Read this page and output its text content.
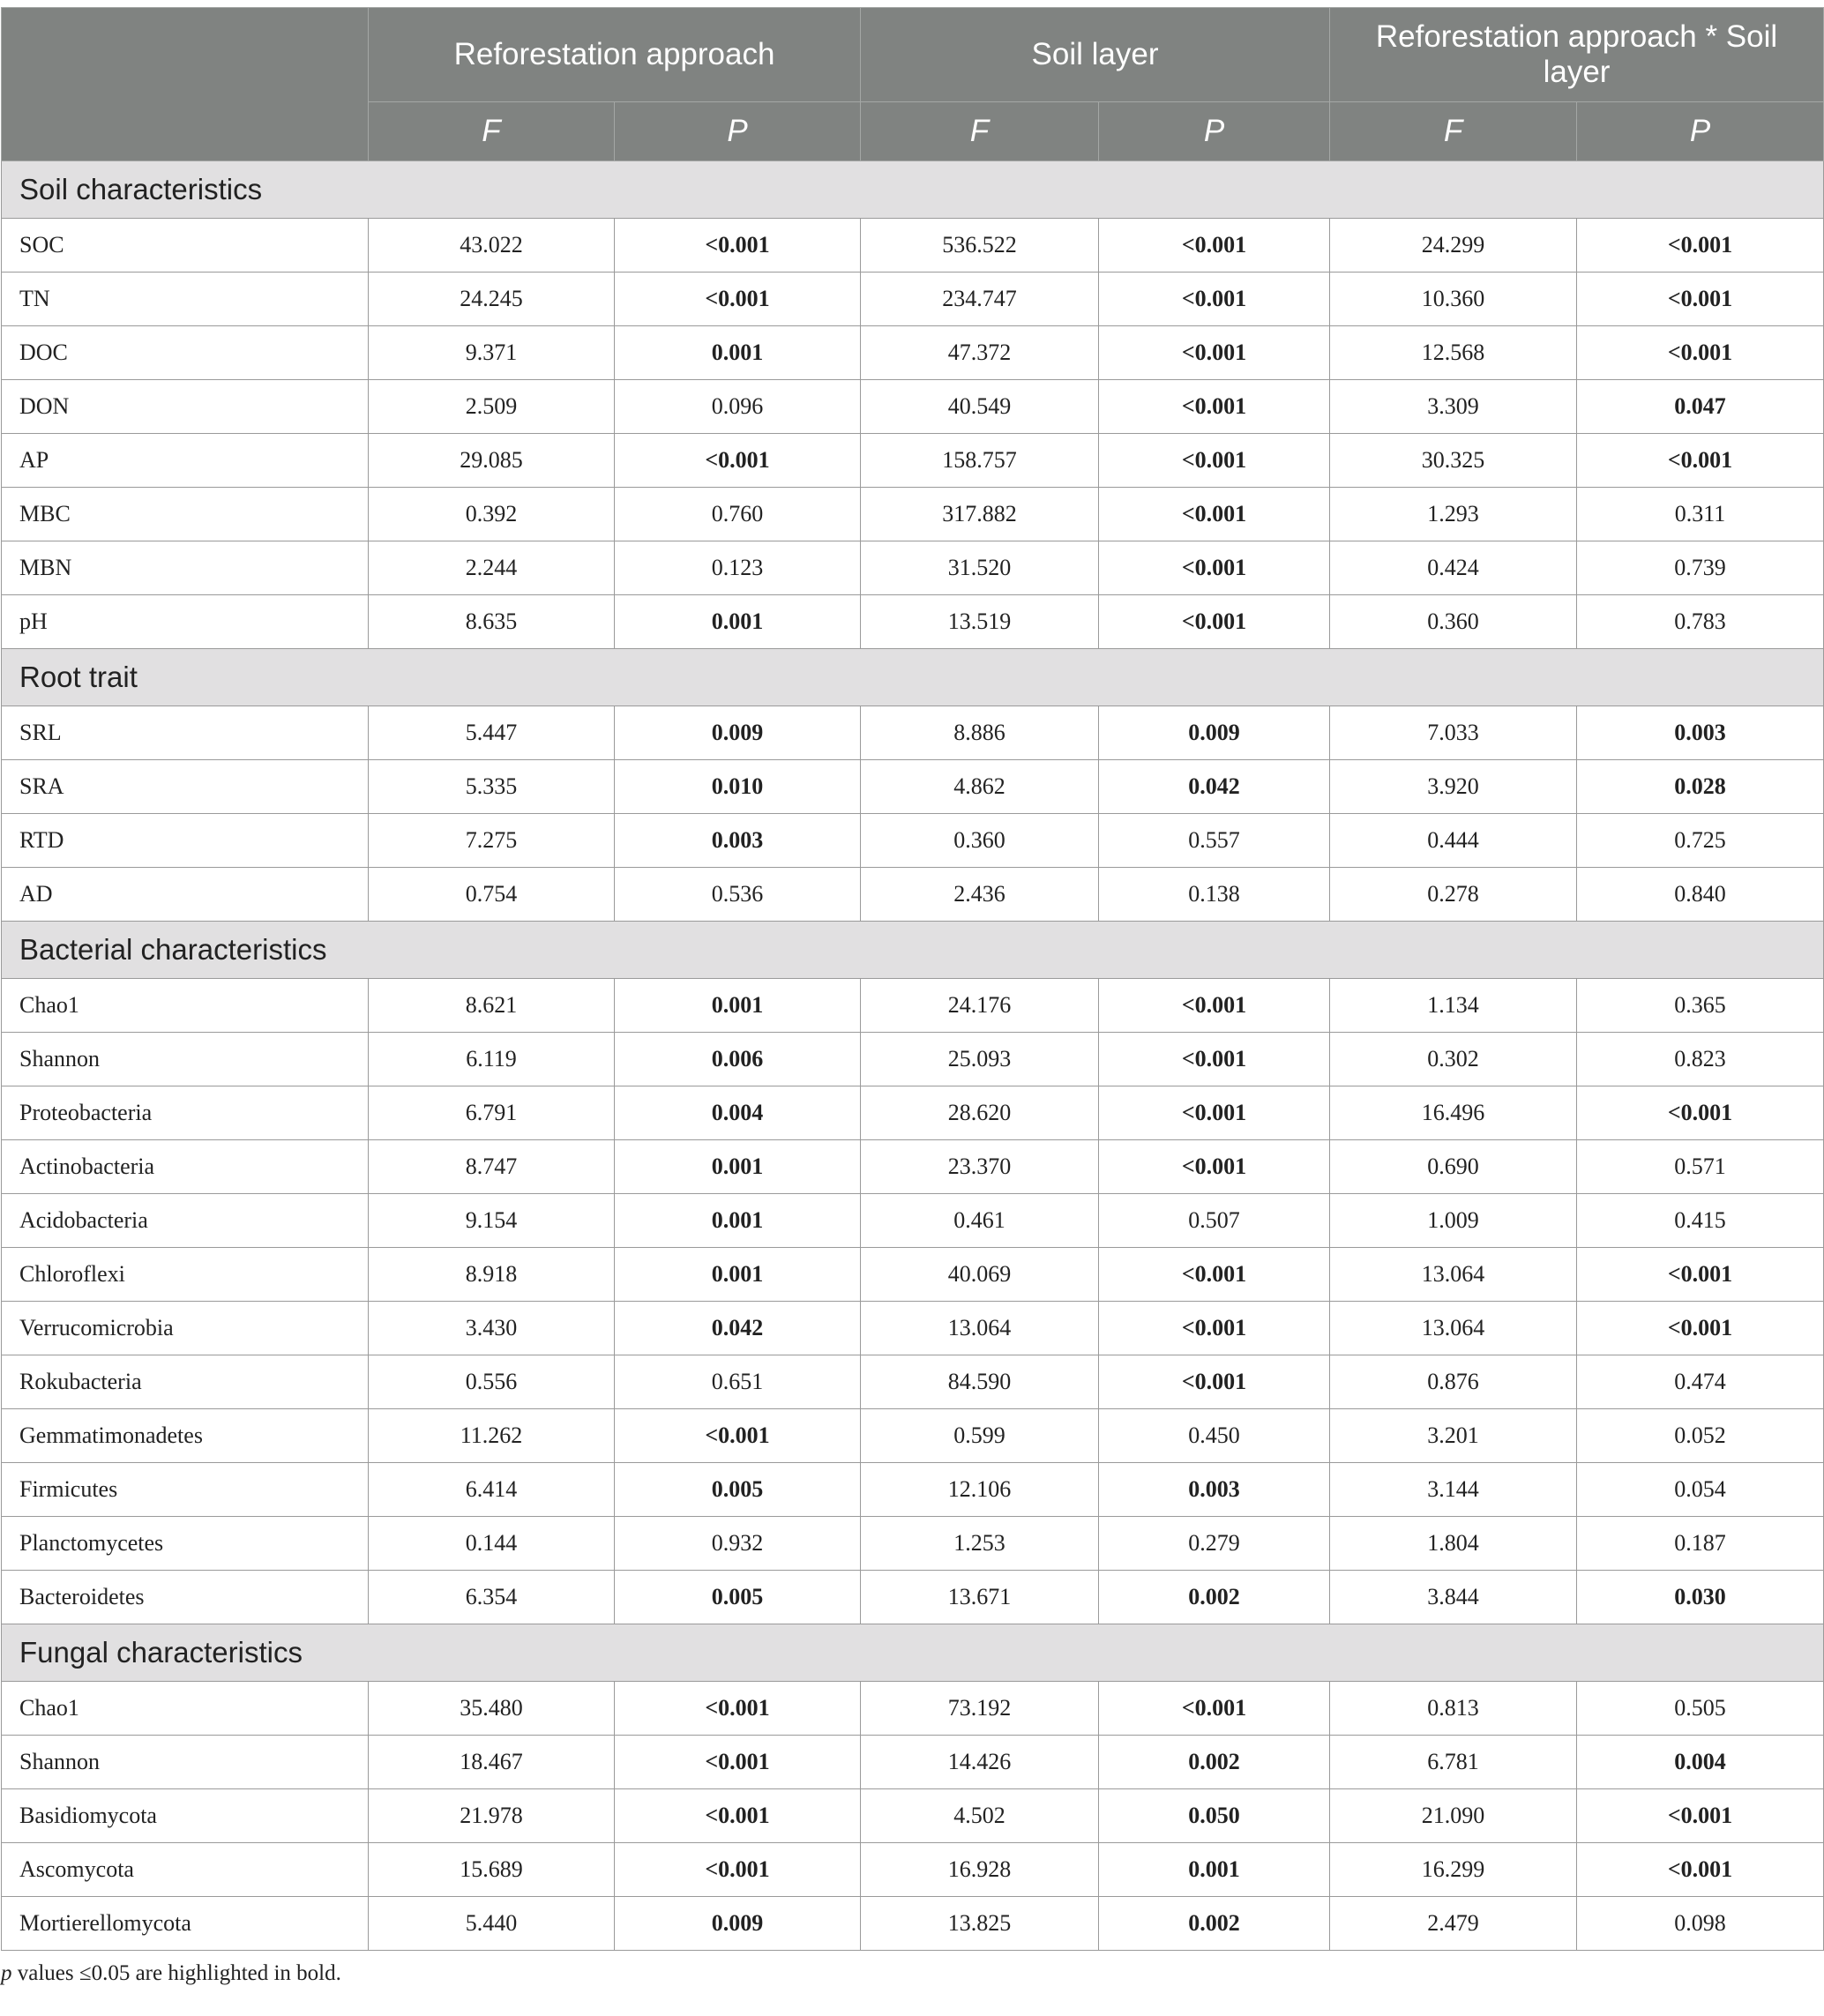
	Reforestation approach		Soil layer		Reforestation approach * Soil layer	
	F	P	F	P	F	P
Soil characteristics						
SOC	43.022	<0.001	536.522	<0.001	24.299	<0.001
TN	24.245	<0.001	234.747	<0.001	10.360	<0.001
DOC	9.371	0.001	47.372	<0.001	12.568	<0.001
DON	2.509	0.096	40.549	<0.001	3.309	0.047
AP	29.085	<0.001	158.757	<0.001	30.325	<0.001
MBC	0.392	0.760	317.882	<0.001	1.293	0.311
MBN	2.244	0.123	31.520	<0.001	0.424	0.739
pH	8.635	0.001	13.519	<0.001	0.360	0.783
Root trait						
SRL	5.447	0.009	8.886	0.009	7.033	0.003
SRA	5.335	0.010	4.862	0.042	3.920	0.028
RTD	7.275	0.003	0.360	0.557	0.444	0.725
AD	0.754	0.536	2.436	0.138	0.278	0.840
Bacterial characteristics						
Chao1	8.621	0.001	24.176	<0.001	1.134	0.365
Shannon	6.119	0.006	25.093	<0.001	0.302	0.823
Proteobacteria	6.791	0.004	28.620	<0.001	16.496	<0.001
Actinobacteria	8.747	0.001	23.370	<0.001	0.690	0.571
Acidobacteria	9.154	0.001	0.461	0.507	1.009	0.415
Chloroflexi	8.918	0.001	40.069	<0.001	13.064	<0.001
Verrucomicrobia	3.430	0.042	13.064	<0.001	13.064	<0.001
Rokubacteria	0.556	0.651	84.590	<0.001	0.876	0.474
Gemmatimonadetes	11.262	<0.001	0.599	0.450	3.201	0.052
Firmicutes	6.414	0.005	12.106	0.003	3.144	0.054
Planctomycetes	0.144	0.932	1.253	0.279	1.804	0.187
Bacteroidetes	6.354	0.005	13.671	0.002	3.844	0.030
Fungal characteristics						
Chao1	35.480	<0.001	73.192	<0.001	0.813	0.505
Shannon	18.467	<0.001	14.426	0.002	6.781	0.004
Basidiomycota	21.978	<0.001	4.502	0.050	21.090	<0.001
Ascomycota	15.689	<0.001	16.928	0.001	16.299	<0.001
Mortierellomycota	5.440	0.009	13.825	0.002	2.479	0.098
p values ≤0.05 are highlighted in bold.
